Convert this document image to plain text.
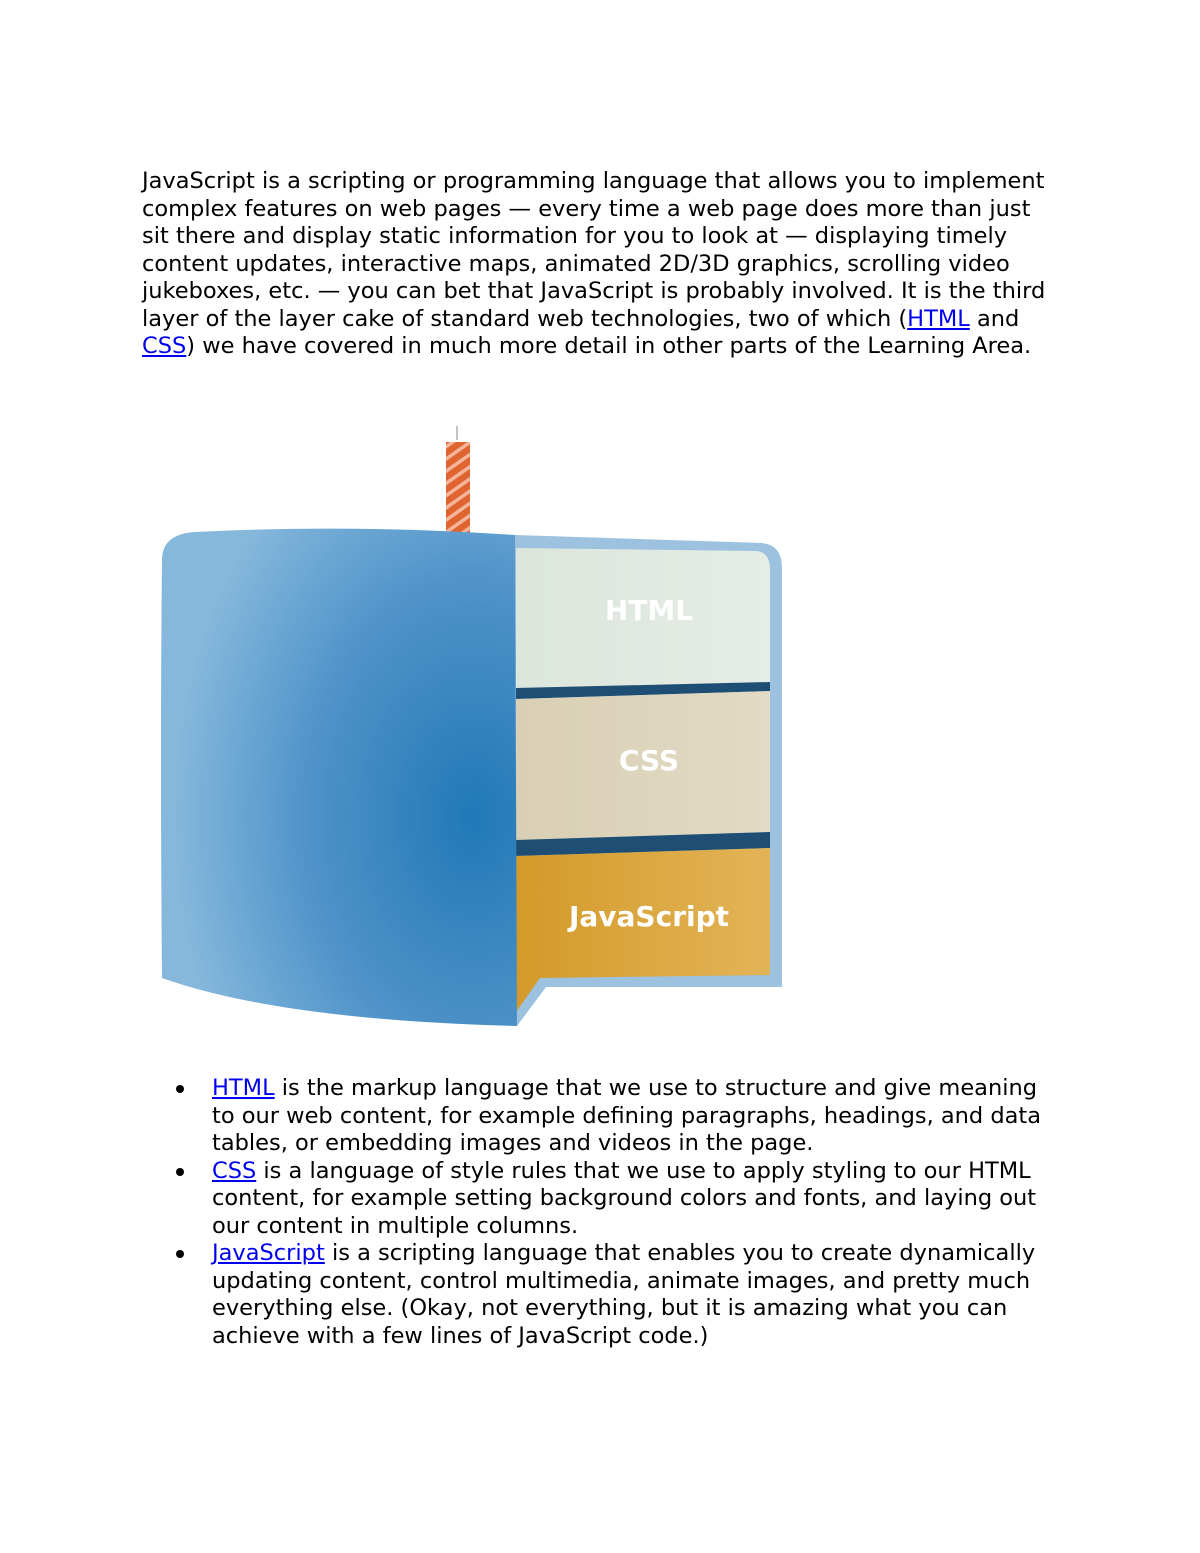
JavaScript is a scripting or programming language that allows you to implement complex features on web pages — every time a web page does more than just sit there and display static information for you to look at — displaying timely content updates, interactive maps, animated 2D/3D graphics, scrolling video jukeboxes, etc. — you can bet that JavaScript is probably involved. It is the third layer of the layer cake of standard web technologies, two of which (HTML and CSS) we have covered in much more detail in other parts of the Learning Area.

HTML
CSS
JavaScript
HTML is the markup language that we use to structure and give meaning to our web content, for example defining paragraphs, headings, and data tables, or embedding images and videos in the page.
CSS is a language of style rules that we use to apply styling to our HTML content, for example setting background colors and fonts, and laying out our content in multiple columns.
JavaScript is a scripting language that enables you to create dynamically updating content, control multimedia, animate images, and pretty much everything else. (Okay, not everything, but it is amazing what you can achieve with a few lines of JavaScript code.)
